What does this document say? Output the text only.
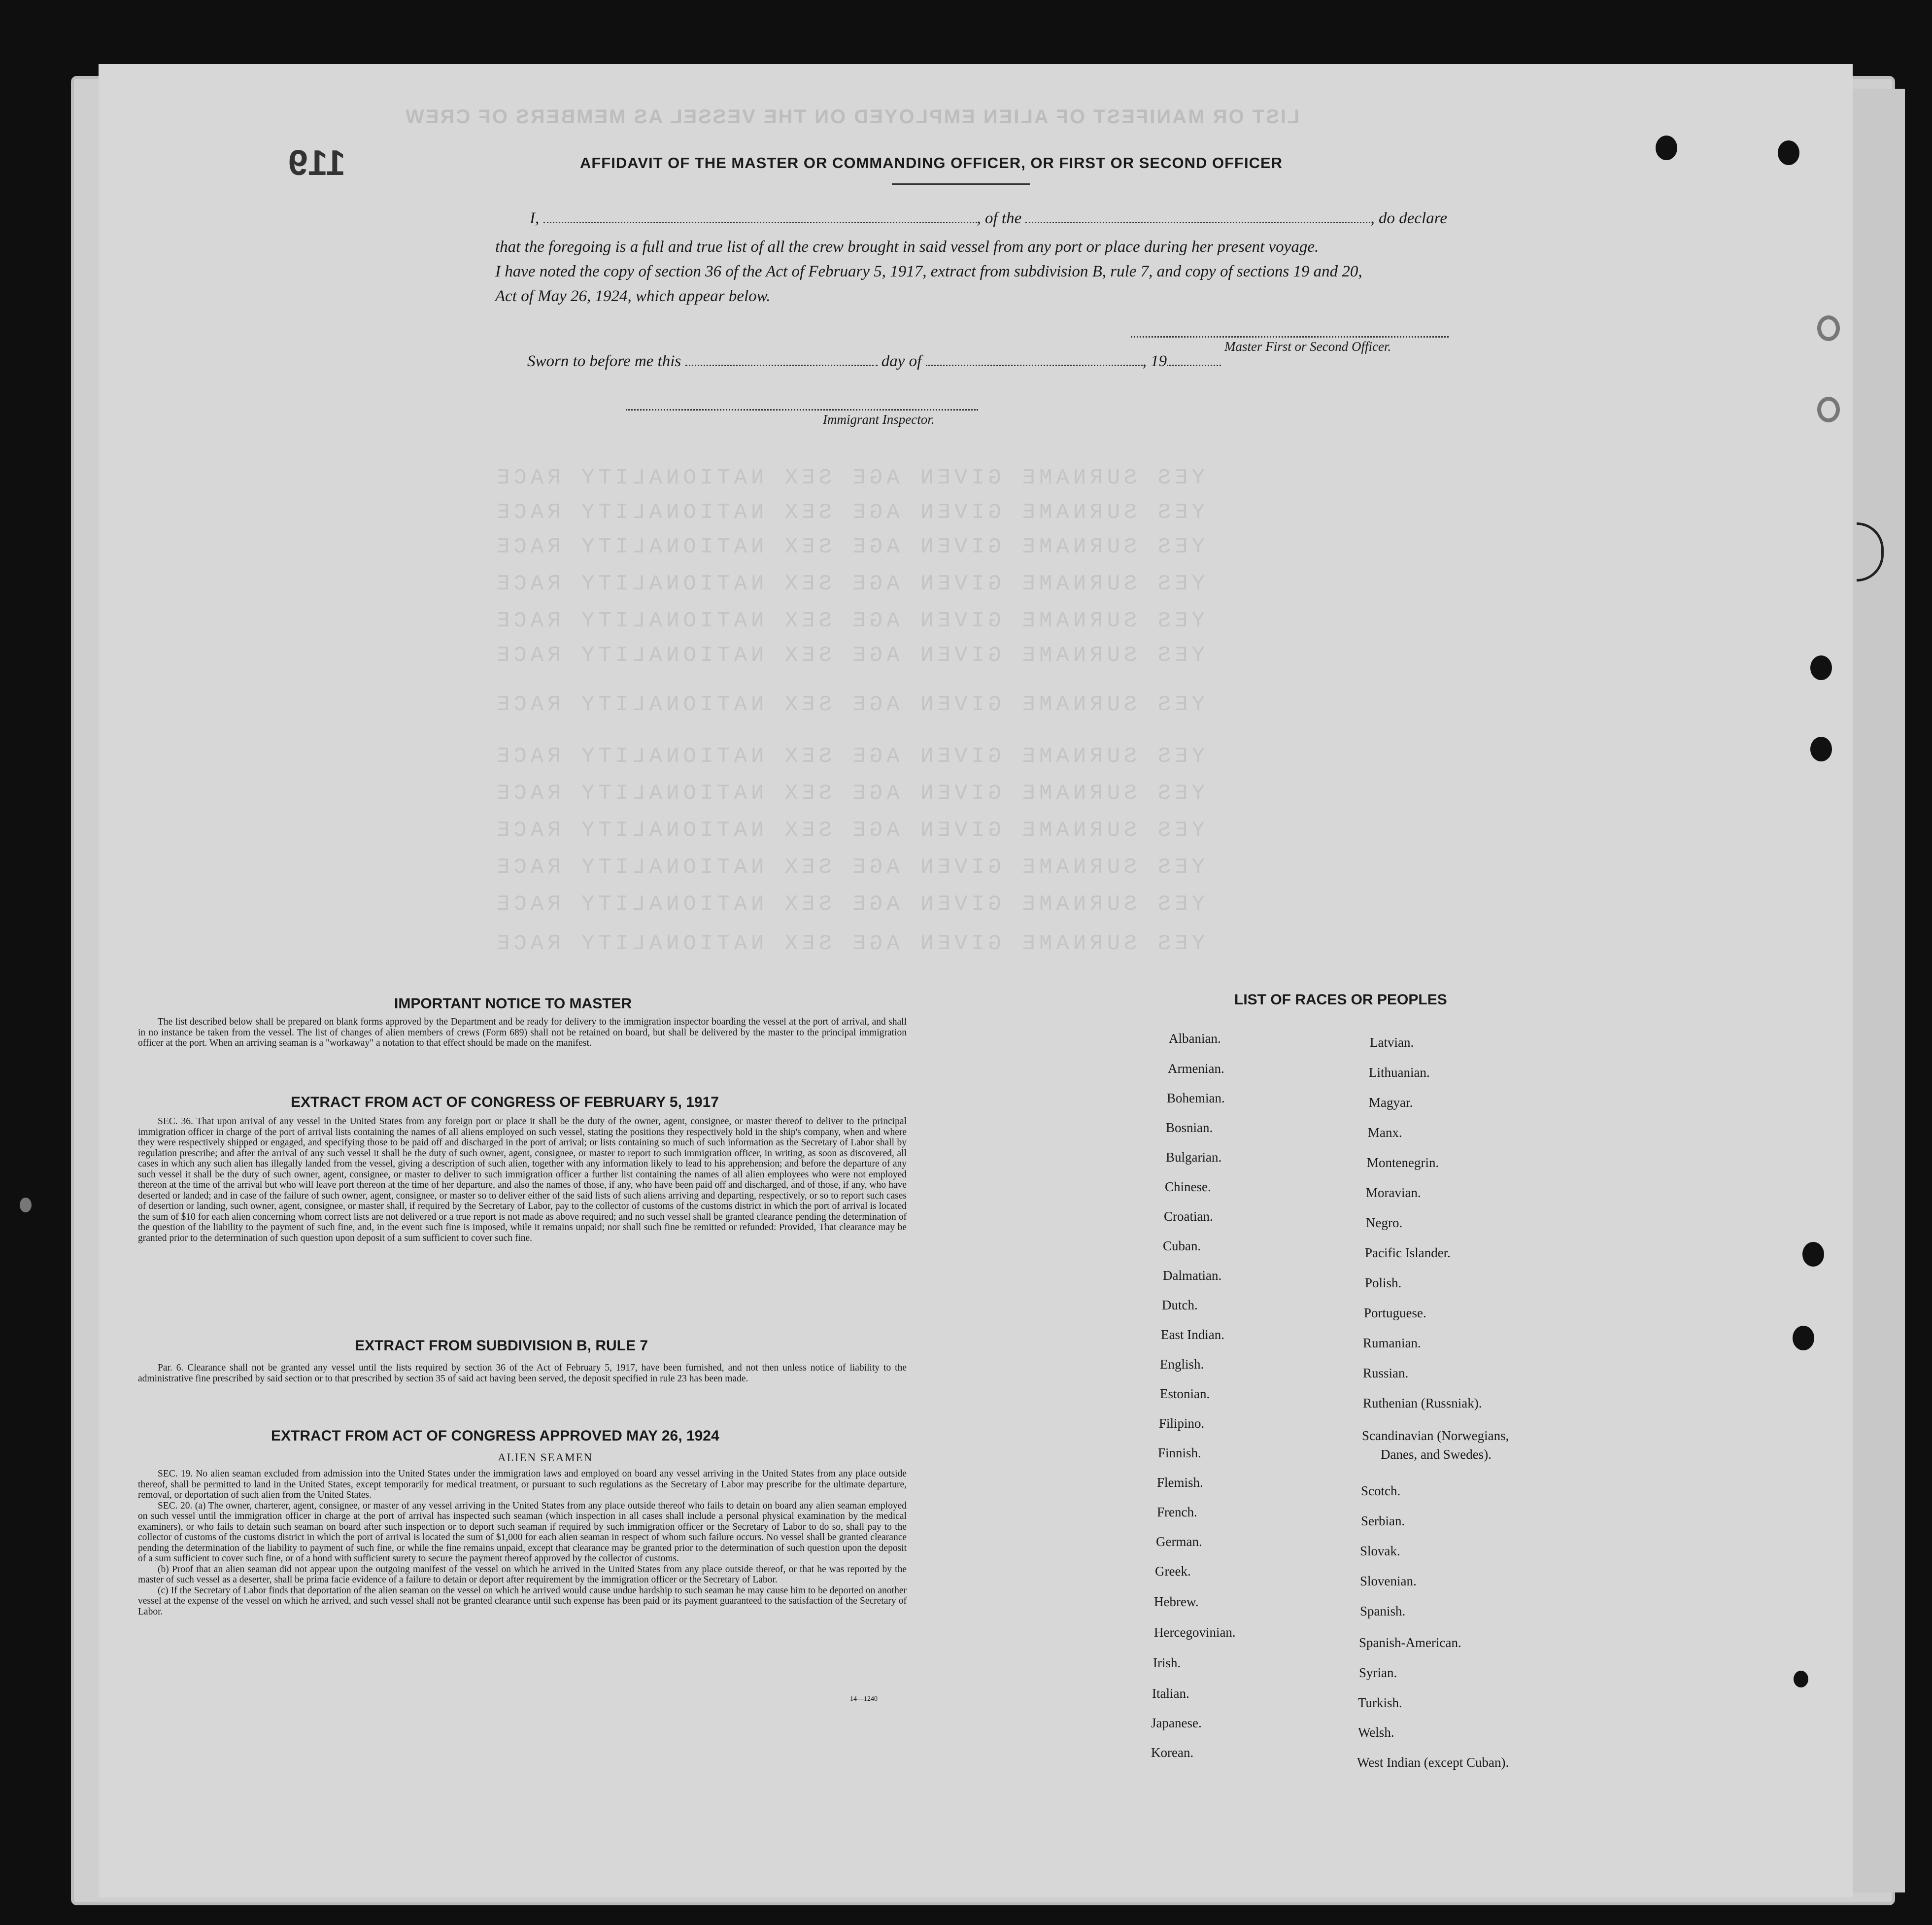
LIST OR MANIFEST OF ALIEN EMPLOYED ON THE VESSEL AS MEMBERS OF CREW
YES SURNAME GIVEN AGE SEX NATIONALITY RACE
YES SURNAME GIVEN AGE SEX NATIONALITY RACE
YES SURNAME GIVEN AGE SEX NATIONALITY RACE
YES SURNAME GIVEN AGE SEX NATIONALITY RACE
YES SURNAME GIVEN AGE SEX NATIONALITY RACE
YES SURNAME GIVEN AGE SEX NATIONALITY RACE
YES SURNAME GIVEN AGE SEX NATIONALITY RACE
YES SURNAME GIVEN AGE SEX NATIONALITY RACE
YES SURNAME GIVEN AGE SEX NATIONALITY RACE
YES SURNAME GIVEN AGE SEX NATIONALITY RACE
YES SURNAME GIVEN AGE SEX NATIONALITY RACE
YES SURNAME GIVEN AGE SEX NATIONALITY RACE
YES SURNAME GIVEN AGE SEX NATIONALITY RACE
119	AFFIDAVIT OF THE MASTER OR COMMANDING OFFICER, OR FIRST OR SECOND OFFICER
I,	, of the	, do declare
that the foregoing is a full and true list of all the crew brought in said vessel from any port or place during her present voyage.
I have noted the copy of section 36 of the Act of February 5, 1917, extract from subdivision B, rule 7, and copy of sections 19 and 20,
Act of May 26, 1924, which appear below.
Master First or Second Officer.
Sworn to before me this	day of	, 19
Immigrant Inspector.
IMPORTANT NOTICE TO MASTER

The list described below shall be prepared on blank forms approved by the Department and be ready for delivery to the immigration inspector boarding the vessel at the port of arrival, and shall in no instance be taken from the vessel. The list of changes of alien members of crews (Form 689) shall not be retained on board, but shall be delivered by the master to the principal immigration officer at the port. When an arriving seaman is a "workaway" a notation to that effect should be made on the manifest.

EXTRACT FROM ACT OF CONGRESS OF FEBRUARY 5, 1917

SEC. 36. That upon arrival of any vessel in the United States from any foreign port or place it shall be the duty of the owner, agent, consignee, or master thereof to deliver to the principal immigration officer in charge of the port of arrival lists containing the names of all aliens employed on such vessel, stating the positions they respectively hold in the ship's company, when and where they were respectively shipped or engaged, and specifying those to be paid off and discharged in the port of arrival; or lists containing so much of such information as the Secretary of Labor shall by regulation prescribe; and after the arrival of any such vessel it shall be the duty of such owner, agent, consignee, or master to report to such immigration officer, in writing, as soon as discovered, all cases in which any such alien has illegally landed from the vessel, giving a description of such alien, together with any information likely to lead to his apprehension; and before the departure of any such vessel it shall be the duty of such owner, agent, consignee, or master to deliver to such immigration officer a further list containing the names of all alien employees who were not employed thereon at the time of the arrival but who will leave port thereon at the time of her departure, and also the names of those, if any, who have been paid off and discharged, and of those, if any, who have deserted or landed; and in case of the failure of such owner, agent, consignee, or master so to deliver either of the said lists of such aliens arriving and departing, respectively, or so to report such cases of desertion or landing, such owner, agent, consignee, or master shall, if required by the Secretary of Labor, pay to the collector of customs of the customs district in which the port of arrival is located the sum of $10 for each alien concerning whom correct lists are not delivered or a true report is not made as above required; and no such vessel shall be granted clearance pending the determination of the question of the liability to the payment of such fine, and, in the event such fine is imposed, while it remains unpaid; nor shall such fine be remitted or refunded: Provided, That clearance may be granted prior to the determination of such question upon deposit of a sum sufficient to cover such fine.

EXTRACT FROM SUBDIVISION B, RULE 7

Par. 6. Clearance shall not be granted any vessel until the lists required by section 36 of the Act of February 5, 1917, have been furnished, and not then unless notice of liability to the administrative fine prescribed by said section or to that prescribed by section 35 of said act having been served, the deposit specified in rule 23 has been made.

EXTRACT FROM ACT OF CONGRESS APPROVED MAY 26, 1924
ALIEN SEAMEN

SEC. 19. No alien seaman excluded from admission into the United States under the immigration laws and employed on board any vessel arriving in the United States from any place outside thereof, shall be permitted to land in the United States, except temporarily for medical treatment, or pursuant to such regulations as the Secretary of Labor may prescribe for the ultimate departure, removal, or deportation of such alien from the United States.

SEC. 20. (a) The owner, charterer, agent, consignee, or master of any vessel arriving in the United States from any place outside thereof who fails to detain on board any alien seaman employed on such vessel until the immigration officer in charge at the port of arrival has inspected such seaman (which inspection in all cases shall include a personal physical examination by the medical examiners), or who fails to detain such seaman on board after such inspection or to deport such seaman if required by such immigration officer or the Secretary of Labor to do so, shall pay to the collector of customs of the customs district in which the port of arrival is located the sum of $1,000 for each alien seaman in respect of whom such failure occurs. No vessel shall be granted clearance pending the determination of the liability to payment of such fine, or while the fine remains unpaid, except that clearance may be granted prior to the determination of such question upon the deposit of a sum sufficient to cover such fine, or of a bond with sufficient surety to secure the payment thereof approved by the collector of customs.

(b) Proof that an alien seaman did not appear upon the outgoing manifest of the vessel on which he arrived in the United States from any place outside thereof, or that he was reported by the master of such vessel as a deserter, shall be prima facie evidence of a failure to detain or deport after requirement by the immigration officer or the Secretary of Labor.

(c) If the Secretary of Labor finds that deportation of the alien seaman on the vessel on which he arrived would cause undue hardship to such seaman he may cause him to be deported on another vessel at the expense of the vessel on which he arrived, and such vessel shall not be granted clearance until such expense has been paid or its payment guaranteed to the satisfaction of the Secretary of Labor.

14—1240
LIST OF RACES OR PEOPLES
Albanian.
Armenian.
Bohemian.
Bosnian.
Bulgarian.
Chinese.
Croatian.
Cuban.
Dalmatian.
Dutch.
East Indian.
English.
Estonian.
Filipino.
Finnish.
Flemish.
French.
German.
Greek.
Hebrew.
Hercegovinian.
Irish.
Italian.
Japanese.
Korean.
Latvian.
Lithuanian.
Magyar.
Manx.
Montenegrin.
Moravian.
Negro.
Pacific Islander.
Polish.
Portuguese.
Rumanian.
Russian.
Ruthenian (Russniak).
Scandinavian (Norwegians,
Danes, and Swedes).
Scotch.
Serbian.
Slovak.
Slovenian.
Spanish.
Spanish-American.
Syrian.
Turkish.
Welsh.
West Indian (except Cuban).
